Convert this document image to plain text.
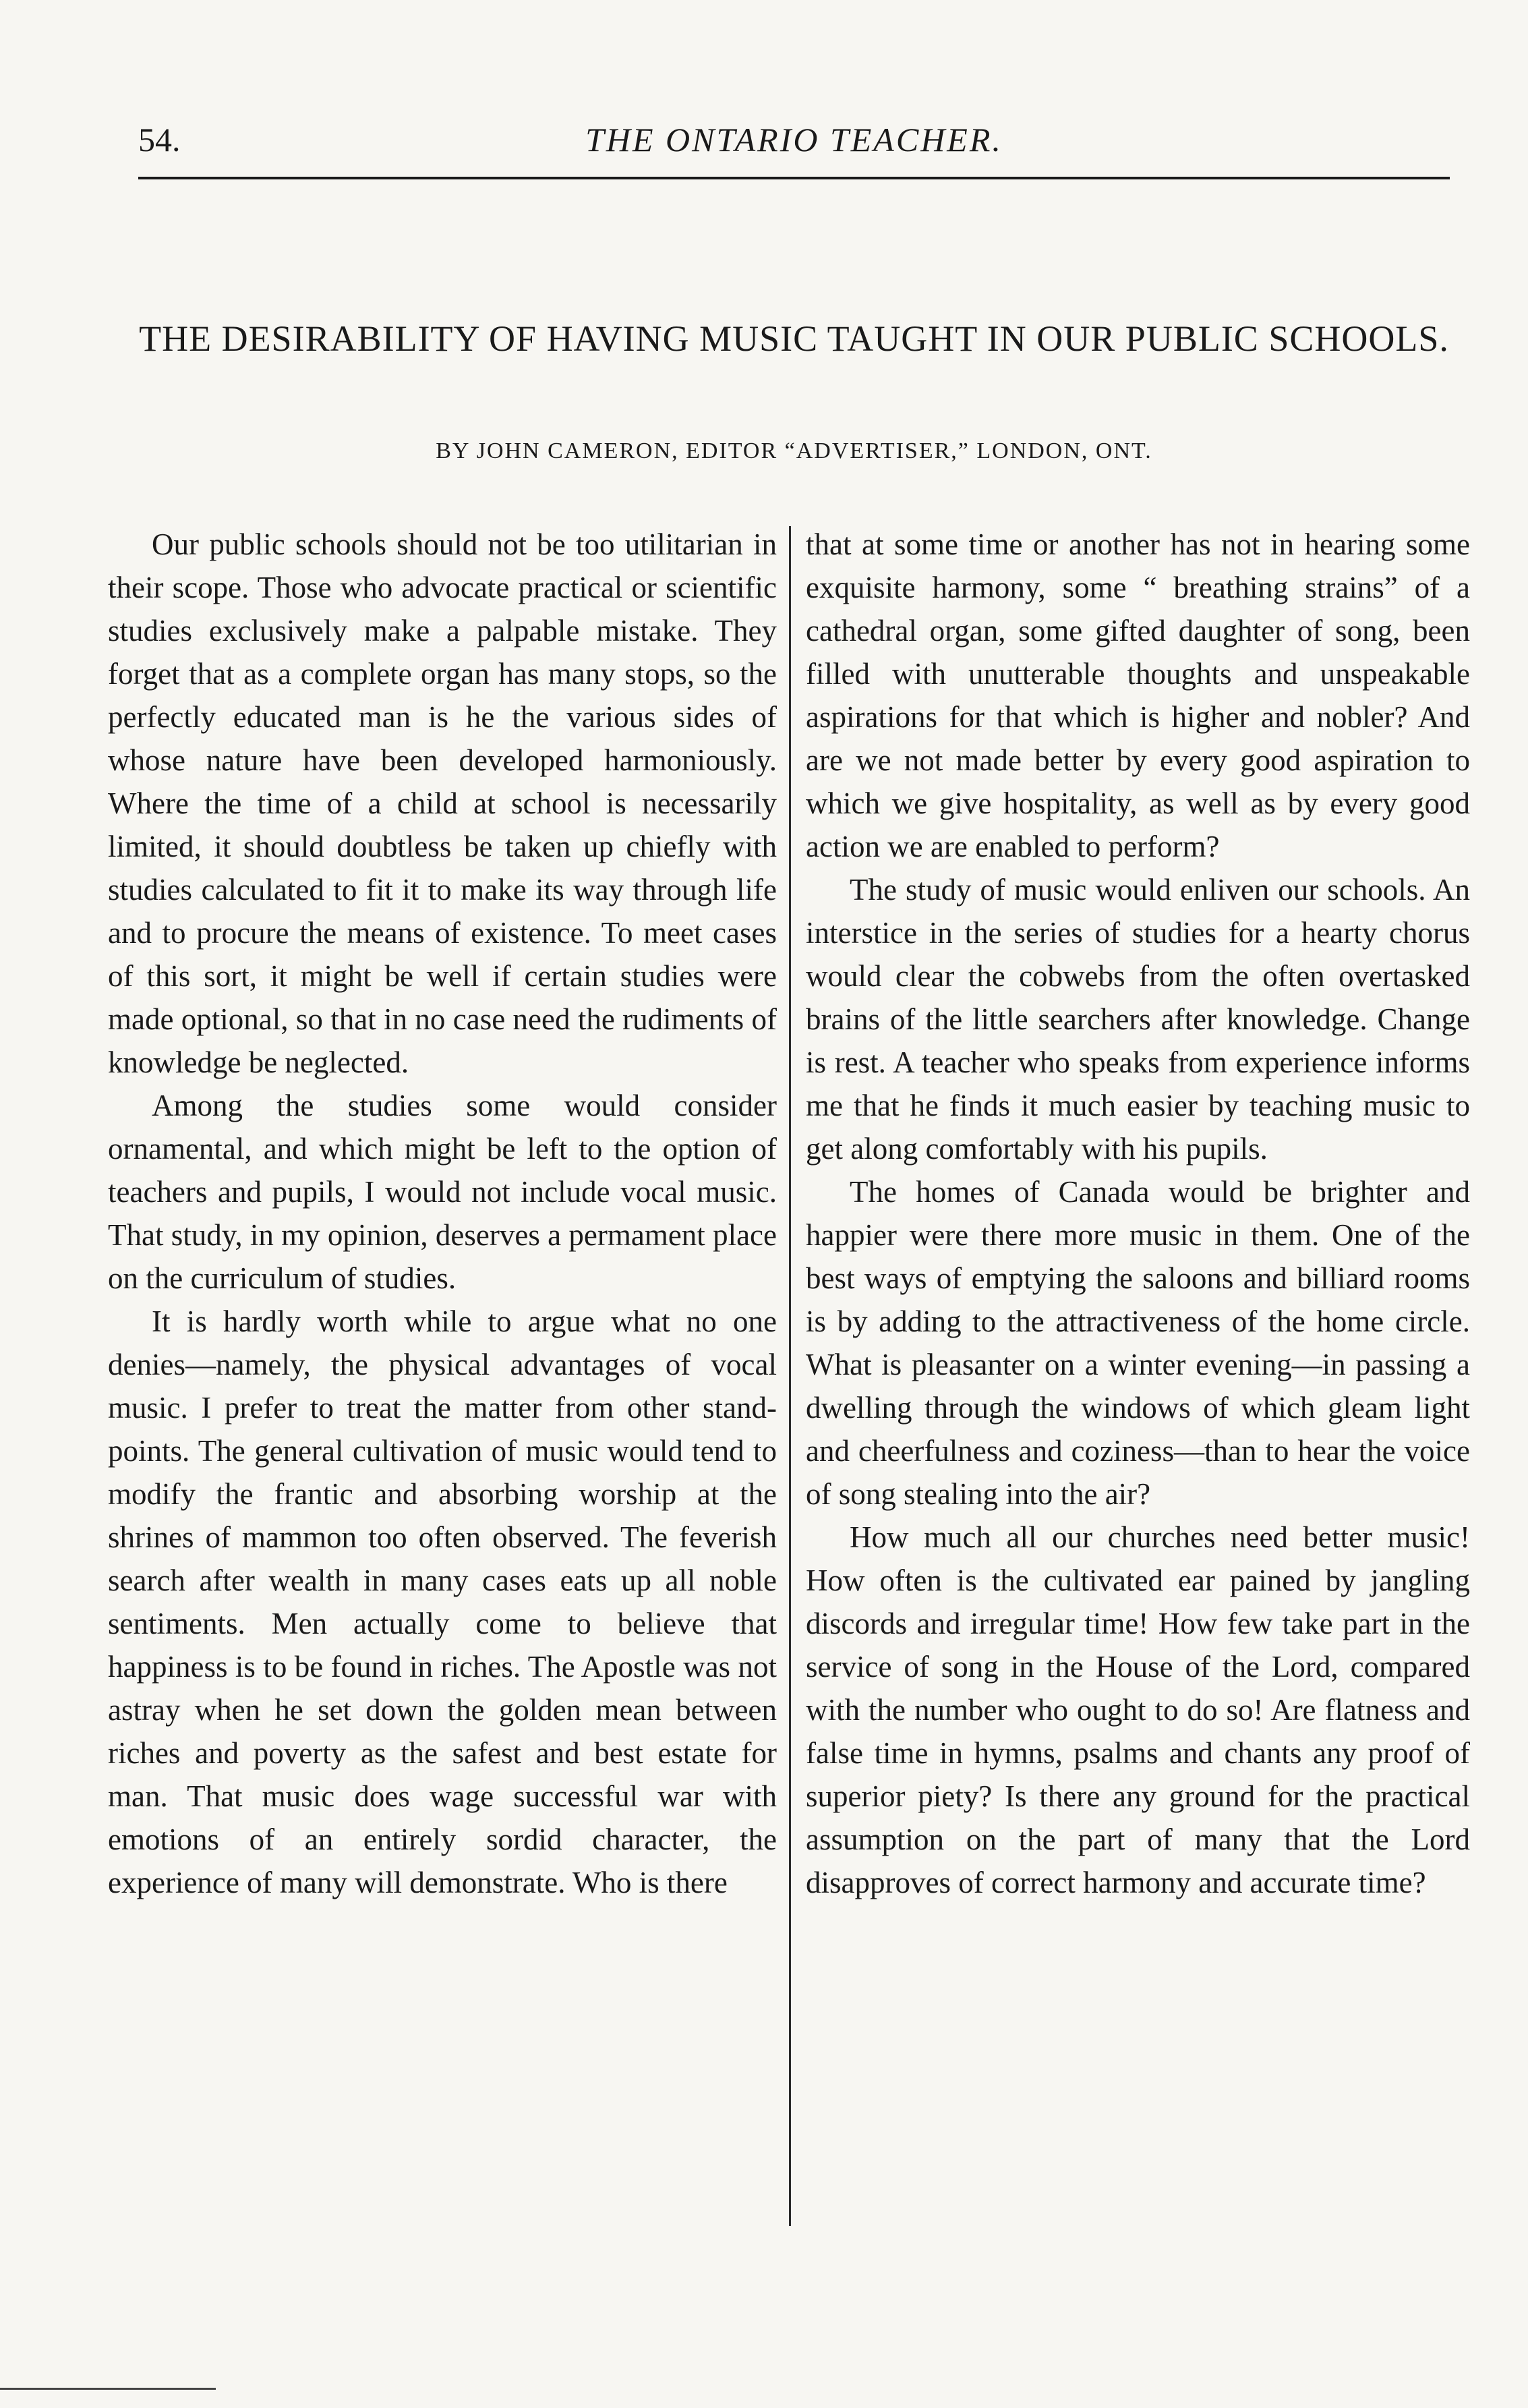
54.	THE ONTARIO TEACHER.
THE DESIRABILITY OF HAVING MUSIC TAUGHT IN OUR PUBLIC SCHOOLS.
BY JOHN CAMERON, EDITOR “ADVERTISER,” LONDON, ONT.

Our public schools should not be too utilitarian in their scope. Those who advocate practical or scientific studies exclusively make a palpable mistake. They forget that as a complete organ has many stops, so the perfectly educated man is he the various sides of whose nature have been developed harmoniously. Where the time of a child at school is necessarily limited, it should doubtless be taken up chiefly with studies calculated to fit it to make its way through life and to procure the means of existence. To meet cases of this sort, it might be well if certain studies were made optional, so that in no case need the rudiments of knowledge be neglected.

Among the studies some would consider ornamental, and which might be left to the option of teachers and pupils, I would not include vocal music. That study, in my opinion, deserves a permament place on the curriculum of studies.

It is hardly worth while to argue what no one denies—namely, the physical advantages of vocal music. I prefer to treat the matter from other stand-points. The general cultivation of music would tend to modify the frantic and absorbing worship at the shrines of mammon too often observed. The feverish search after wealth in many cases eats up all noble sentiments. Men actually come to believe that happiness is to be found in riches. The Apostle was not astray when he set down the golden mean between riches and poverty as the safest and best estate for man. That music does wage successful war with emotions of an entirely sordid character, the experience of many will demonstrate. Who is there

that at some time or another has not in hearing some exquisite harmony, some “ breathing strains” of a cathedral organ, some gifted daughter of song, been filled with unutterable thoughts and unspeakable aspirations for that which is higher and nobler? And are we not made better by every good aspiration to which we give hospitality, as well as by every good action we are enabled to perform?

The study of music would enliven our schools. An interstice in the series of studies for a hearty chorus would clear the cobwebs from the often overtasked brains of the little searchers after knowledge. Change is rest. A teacher who speaks from experience informs me that he finds it much easier by teaching music to get along comfortably with his pupils.

The homes of Canada would be brighter and happier were there more music in them. One of the best ways of emptying the saloons and billiard rooms is by adding to the attractiveness of the home circle. What is pleasanter on a winter evening—in passing a dwelling through the windows of which gleam light and cheerfulness and coziness—than to hear the voice of song stealing into the air?

How much all our churches need better music! How often is the cultivated ear pained by jangling discords and irregular time! How few take part in the service of song in the House of the Lord, compared with the number who ought to do so! Are flatness and false time in hymns, psalms and chants any proof of superior piety? Is there any ground for the practical assumption on the part of many that the Lord disapproves of correct harmony and accurate time?
